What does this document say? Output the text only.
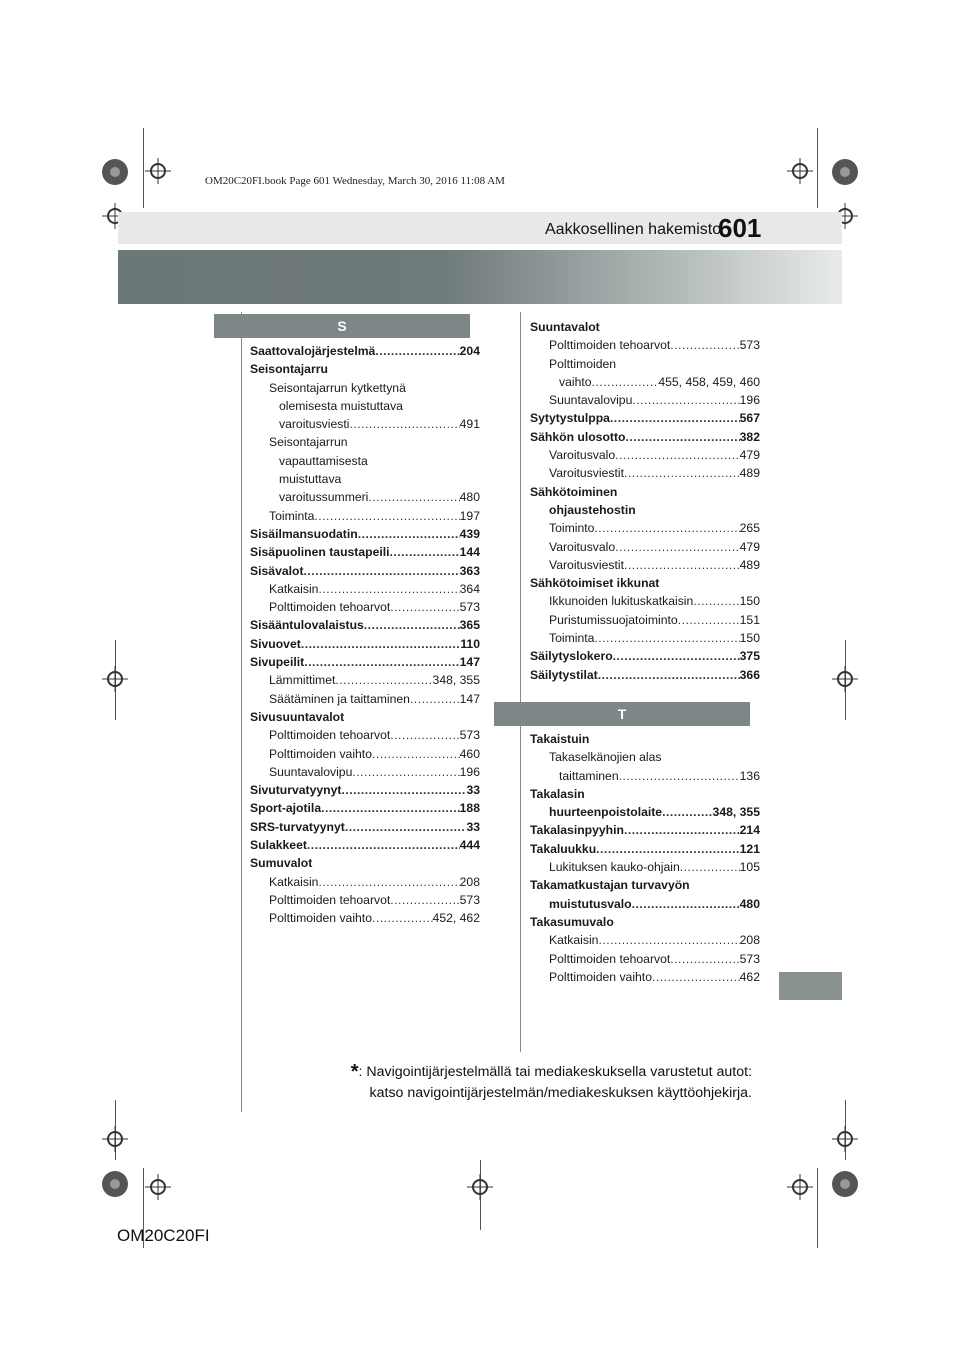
OM20C20FI.book Page 601 Wednesday, March 30, 2016 11:08 AM
Aakkosellinen hakemisto
601
S
Saattovalojärjestelmä .....	204
Seisontajarru
Seisontajarrun kytkettynä
olemisesta muistuttava
varoitusviesti .....	491
Seisontajarrun
vapauttamisesta
muistuttava
varoitussummeri .....	480
Toiminta .....	197
Sisäilmansuodatin .....	439
Sisäpuolinen taustapeili .....	144
Sisävalot .....	363
Katkaisin .....	364
Polttimoiden tehoarvot .....	573
Sisääntulovalaistus .....	365
Sivuovet .....	110
Sivupeilit .....	147
Lämmittimet .....	348, 355
Säätäminen ja taittaminen .....	147
Sivusuuntavalot
Polttimoiden tehoarvot .....	573
Polttimoiden vaihto .....	460
Suuntavalovipu .....	196
Sivuturvatyynyt .....	33
Sport-ajotila .....	188
SRS-turvatyynyt .....	33
Sulakkeet .....	444
Sumuvalot
Katkaisin .....	208
Polttimoiden tehoarvot .....	573
Polttimoiden vaihto .....	452, 462
Suuntavalot
Polttimoiden tehoarvot .....	573
Polttimoiden
vaihto .....	455, 458, 459, 460
Suuntavalovipu .....	196
Sytytystulppa .....	567
Sähkön ulosotto .....	382
Varoitusvalo .....	479
Varoitusviestit .....	489
Sähkötoiminen
ohjaustehostin
Toiminto .....	265
Varoitusvalo .....	479
Varoitusviestit .....	489
Sähkötoimiset ikkunat
Ikkunoiden lukituskatkaisin .....	150
Puristumissuojatoiminto .....	151
Toiminta .....	150
Säilytyslokero .....	375
Säilytystilat .....	366
T
Takaistuin
Takaselkänojien alas
taittaminen .....	136
Takalasin
huurteenpoistolaite .....	348, 355
Takalasinpyyhin .....	214
Takaluukku .....	121
Lukituksen kauko-ohjain .....	105
Takamatkustajan turvavyön
muistutusvalo .....	480
Takasumuvalo
Katkaisin .....	208
Polttimoiden tehoarvot .....	573
Polttimoiden vaihto .....	462
*: Navigointijärjestelmällä tai mediakeskuksella varustetut autot:
katso navigointijärjestelmän/mediakeskuksen käyttöohjekirja.
OM20C20FI
